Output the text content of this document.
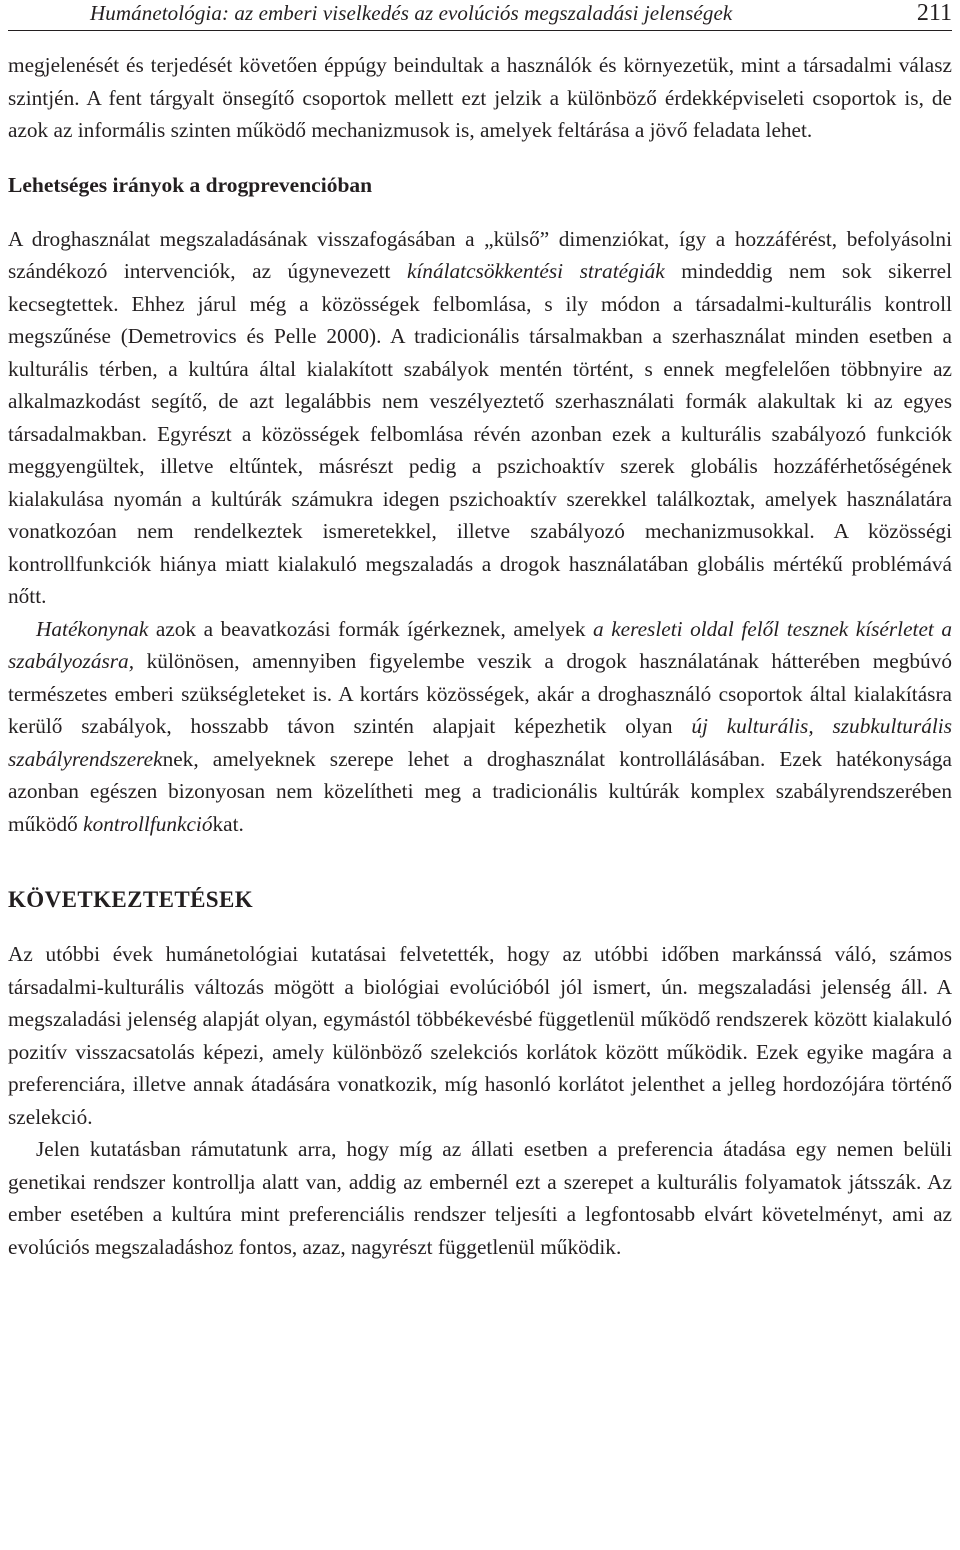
Humánetológia: az emberi viselkedés az evolúciós megszaladási jelenségek	211

megjelenését és terjedését követően éppúgy beindultak a használók és környezetük, mint a társadalmi válasz szintjén. A fent tárgyalt önsegítő csoportok mellett ezt jelzik a különböző érdekképviseleti csoportok is, de azok az informális szinten működő mechanizmusok is, amelyek feltárása a jövő feladata lehet.

Lehetséges irányok a drogprevencióban

A droghasználat megszaladásának visszafogásában a „külső” dimenziókat, így a hozzáférést, befolyásolni szándékozó intervenciók, az úgynevezett kínálatcsökkentési stratégiák mindeddig nem sok sikerrel kecsegtettek. Ehhez járul még a közösségek felbomlása, s ily módon a társadalmi-kulturális kontroll megszűnése (Demetrovics és Pelle 2000). A tradicionális társalmakban a szerhasználat minden esetben a kulturális térben, a kultúra által kialakított szabályok mentén történt, s ennek megfelelően többnyire az alkalmazkodást segítő, de azt legalábbis nem veszélyeztető szerhasználati formák alakultak ki az egyes társadalmakban. Egyrészt a közösségek felbomlása révén azonban ezek a kulturális szabályozó funkciók meggyengültek, illetve eltűntek, másrészt pedig a pszichoaktív szerek globális hozzáférhetőségének kialakulása nyomán a kultúrák számukra idegen pszichoaktív szerekkel találkoztak, amelyek használatára vonatkozóan nem rendelkeztek ismeretekkel, illetve szabályozó mechanizmusokkal. A közösségi kontrollfunkciók hiánya miatt kialakuló megszaladás a drogok használatában globális mértékű problémává nőtt.

Hatékonynak azok a beavatkozási formák ígérkeznek, amelyek a keresleti oldal felől tesznek kísérletet a szabályozásra, különösen, amennyiben figyelembe veszik a drogok használatának hátterében megbúvó természetes emberi szükségleteket is. A kortárs közösségek, akár a droghasználó csoportok által kialakításra kerülő szabályok, hosszabb távon szintén alapjait képezhetik olyan új kulturális, szubkulturális szabályrendszereknek, amelyeknek szerepe lehet a droghasználat kontrollálásában. Ezek hatékonysága azonban egészen bizonyosan nem közelítheti meg a tradicionális kultúrák komplex szabályrendszerében működő kontrollfunkciókat.

KÖVETKEZTETÉSEK

Az utóbbi évek humánetológiai kutatásai felvetették, hogy az utóbbi időben markánssá váló, számos társadalmi-kulturális változás mögött a biológiai evolúcióból jól ismert, ún. megszaladási jelenség áll. A megszaladási jelenség alapját olyan, egymástól többékevésbé függetlenül működő rendszerek között kialakuló pozitív visszacsatolás képezi, amely különböző szelekciós korlátok között működik. Ezek egyike magára a preferenciára, illetve annak átadására vonatkozik, míg hasonló korlátot jelenthet a jelleg hordozójára történő szelekció.

Jelen kutatásban rámutatunk arra, hogy míg az állati esetben a preferencia átadása egy nemen belüli genetikai rendszer kontrollja alatt van, addig az embernél ezt a szerepet a kulturális folyamatok játsszák. Az ember esetében a kultúra mint preferenciális rendszer teljesíti a legfontosabb elvárt követelményt, ami az evolúciós megszaladáshoz fontos, azaz, nagyrészt függetlenül működik.
